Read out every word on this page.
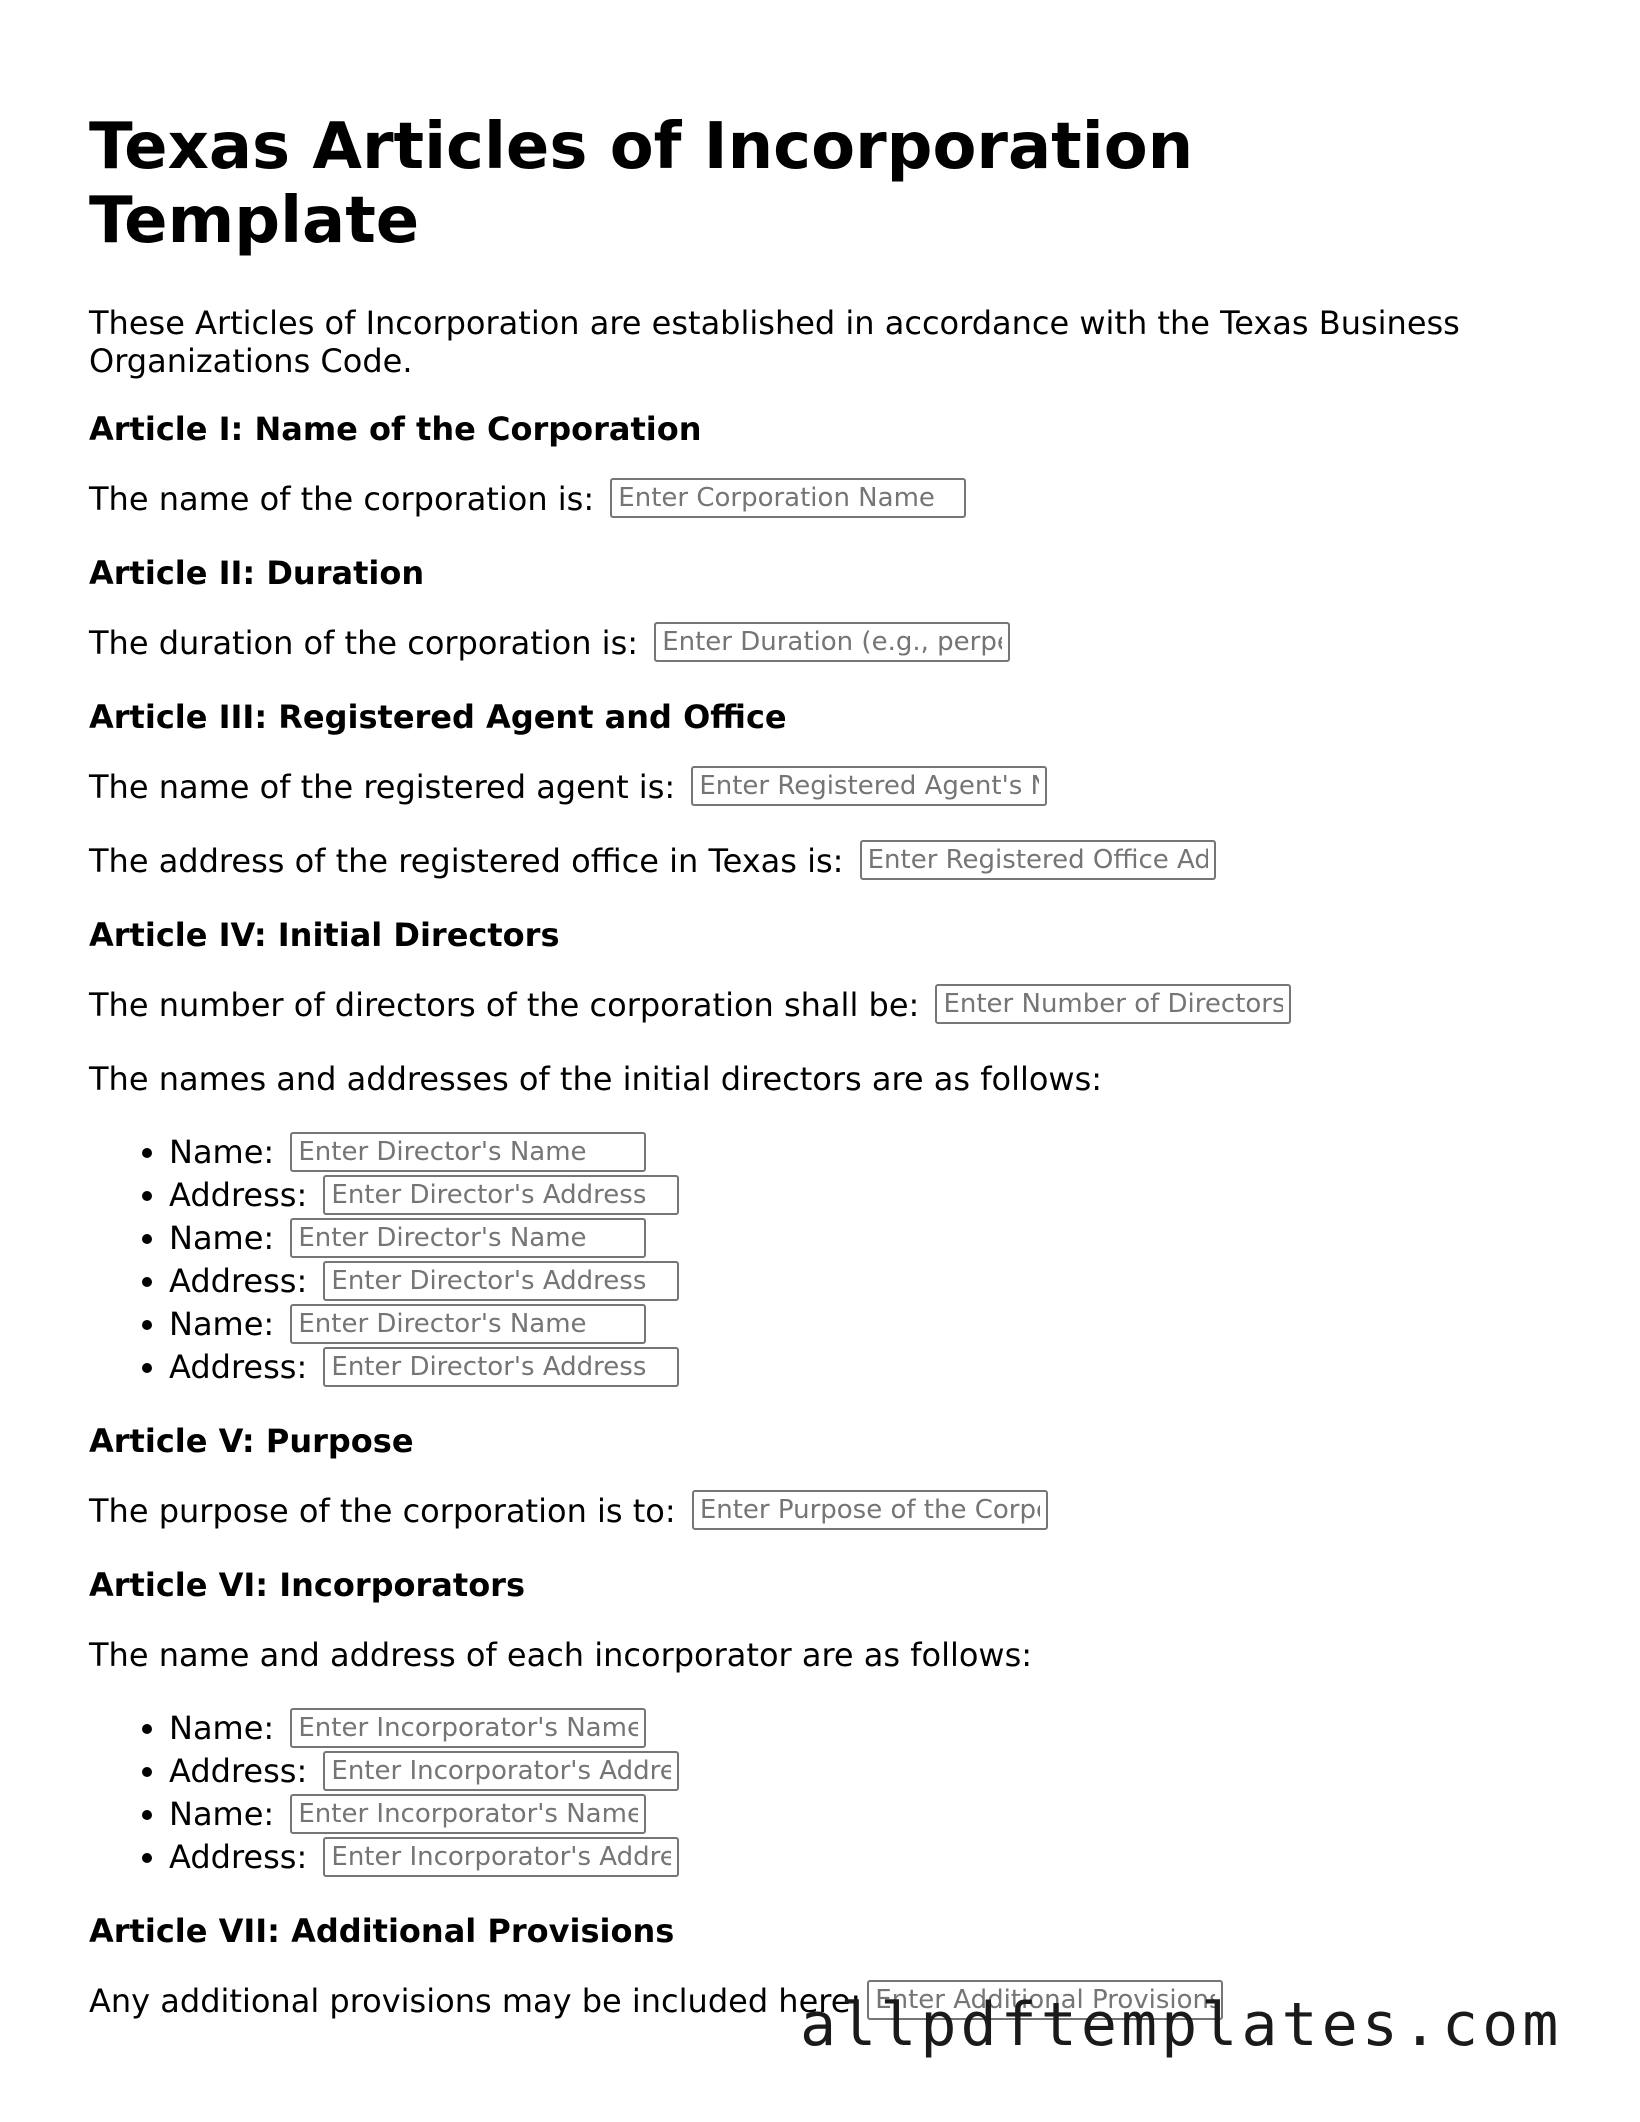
Texas Articles of Incorporation Template

These Articles of Incorporation are established in accordance with the Texas Business Organizations Code.

Article I: Name of the Corporation

The name of the corporation is: Enter Corporation Name

Article II: Duration

The duration of the corporation is: Enter Duration (e.g., perpetual)

Article III: Registered Agent and Office

The name of the registered agent is: Enter Registered Agent's Name

The address of the registered office in Texas is: Enter Registered Office Address

Article IV: Initial Directors

The number of directors of the corporation shall be: Enter Number of Directors

The names and addresses of the initial directors are as follows:

• Name: Enter Director's Name
• Address: Enter Director's Address
• Name: Enter Director's Name
• Address: Enter Director's Address
• Name: Enter Director's Name
• Address: Enter Director's Address
Article V: Purpose

The purpose of the corporation is to: Enter Purpose of the Corporation

Article VI: Incorporators

The name and address of each incorporator are as follows:

• Name: Enter Incorporator's Name
• Address: Enter Incorporator's Address
• Name: Enter Incorporator's Name
• Address: Enter Incorporator's Address
Article VII: Additional Provisions

Any additional provisions may be included here:Enter Additional Provisions

allpdftemplates.com
